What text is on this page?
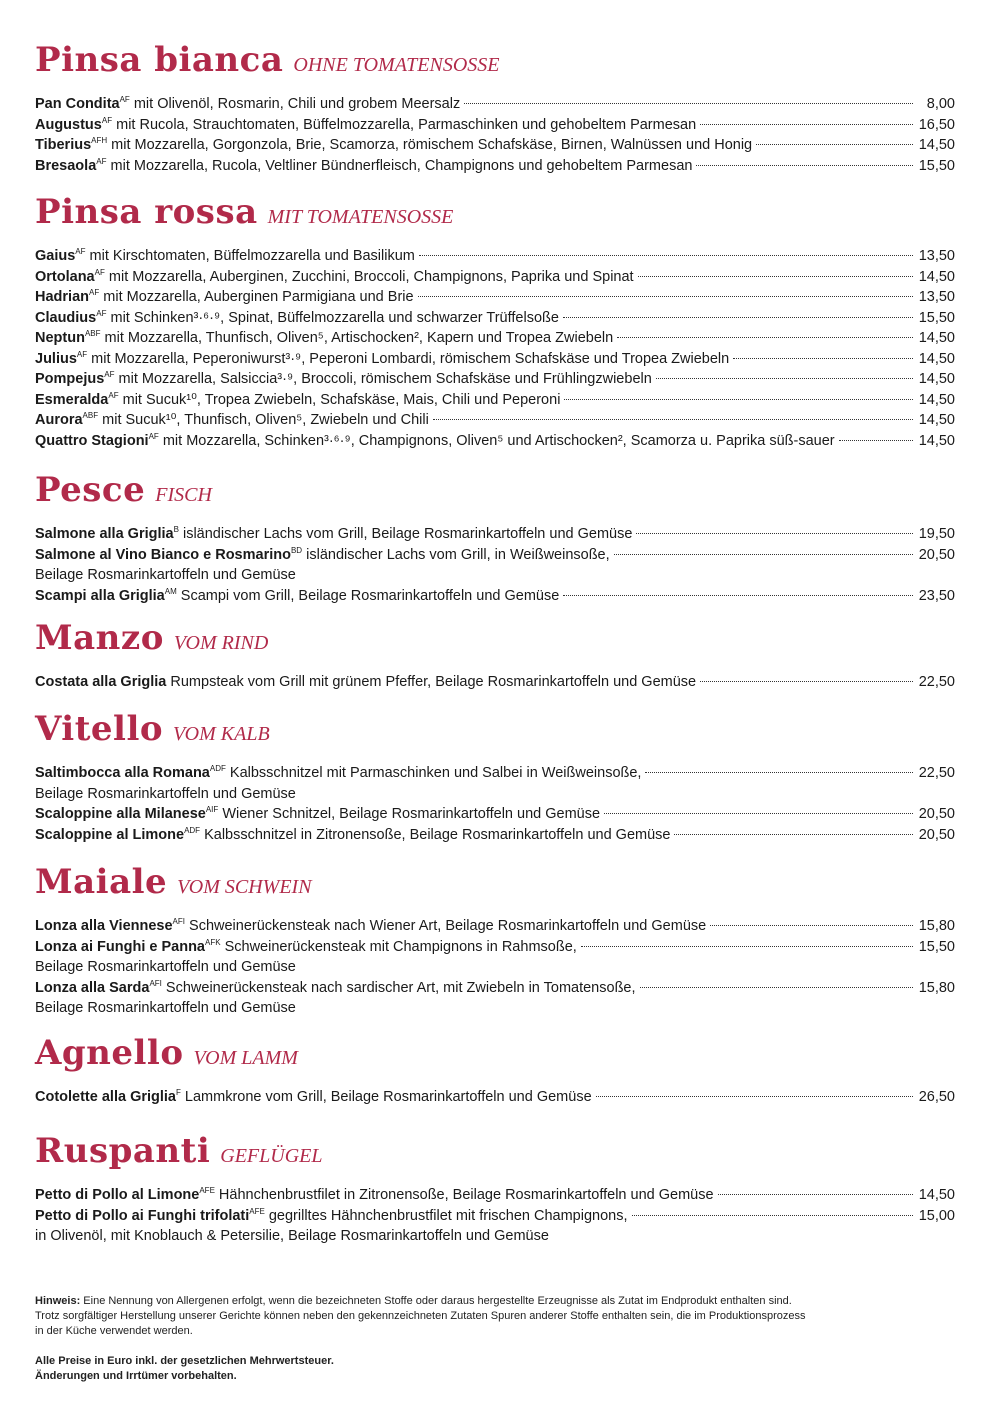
Pinsa bianca OHNE TOMATENSOSSE
Pan Condita$^{AF}$ mit Olivenöl, Rosmarin, Chili und grobem Meersalz	8,00
Augustus$^{AF}$ mit Rucola, Strauchtomaten, Büffelmozzarella, Parmaschinken und gehobeltem Parmesan	16,50
Tiberius$^{AFH}$ mit Mozzarella, Gorgonzola, Brie, Scamorza, römischem Schafskäse, Birnen, Walnüssen und Honig	14,50
Bresaola$^{AF}$ mit Mozzarella, Rucola, Veltliner Bündnerfleisch, Champignons und gehobeltem Parmesan	15,50
Pinsa rossa MIT TOMATENSOSSE
Gaius$^{AF}$ mit Kirschtomaten, Büffelmozzarella und Basilikum	13,50
Ortolana$^{AF}$ mit Mozzarella, Auberginen, Zucchini, Broccoli, Champignons, Paprika und Spinat	14,50
Hadrian$^{AF}$ mit Mozzarella, Auberginen Parmigiana und Brie	13,50
Claudius$^{AF}$ mit Schinken³·⁶·⁹, Spinat, Büffelmozzarella und schwarzer Trüffelsoße	15,50
Neptun$^{ABF}$ mit Mozzarella, Thunfisch, Oliven⁵, Artischocken², Kapern und Tropea Zwiebeln	14,50
Julius$^{AF}$ mit Mozzarella, Peperoniwurst³·⁹, Peperoni Lombardi, römischem Schafskäse und Tropea Zwiebeln	14,50
Pompejus$^{AF}$ mit Mozzarella, Salsiccia³·⁹, Broccoli, römischem Schafskäse und Frühlingzwiebeln	14,50
Esmeralda$^{AF}$ mit Sucuk¹⁰, Tropea Zwiebeln, Schafskäse, Mais, Chili und Peperoni	14,50
Aurora$^{ABF}$ mit Sucuk¹⁰, Thunfisch, Oliven⁵, Zwiebeln und Chili	14,50
Quattro Stagioni$^{AF}$ mit Mozzarella, Schinken³·⁶·⁹, Champignons, Oliven⁵ und Artischocken², Scamorza u. Paprika süß-sauer	14,50
Pesce FISCH
Salmone alla Griglia$^B$ isländischer Lachs vom Grill, Beilage Rosmarinkartoffeln und Gemüse	19,50
Salmone al Vino Bianco e Rosmarino$^{BD}$ isländischer Lachs vom Grill, in Weißweinsoße,	20,50
Beilage Rosmarinkartoffeln und Gemüse
Scampi alla Griglia$^{AM}$ Scampi vom Grill, Beilage Rosmarinkartoffeln und Gemüse	23,50
Manzo VOM RIND
Costata alla Griglia Rumpsteak vom Grill mit grünem Pfeffer, Beilage Rosmarinkartoffeln und Gemüse	22,50
Vitello VOM KALB
Saltimbocca alla Romana$^{ADF}$ Kalbsschnitzel mit Parmaschinken und Salbei in Weißweinsoße,	22,50
Beilage Rosmarinkartoffeln und Gemüse
Scaloppine alla Milanese$^{AIF}$ Wiener Schnitzel, Beilage Rosmarinkartoffeln und Gemüse	20,50
Scaloppine al Limone$^{ADF}$ Kalbsschnitzel in Zitronensoße, Beilage Rosmarinkartoffeln und Gemüse	20,50
Maiale VOM SCHWEIN
Lonza alla Viennese$^{AFI}$ Schweinerückensteak nach Wiener Art, Beilage Rosmarinkartoffeln und Gemüse	15,80
Lonza ai Funghi e Panna$^{AFK}$ Schweinerückensteak mit Champignons in Rahmsoße,	15,50
Beilage Rosmarinkartoffeln und Gemüse
Lonza alla Sarda$^{AFI}$ Schweinerückensteak nach sardischer Art, mit Zwiebeln in Tomatensoße,	15,80
Beilage Rosmarinkartoffeln und Gemüse
Agnello VOM LAMM
Cotolette alla Griglia$^F$ Lammkrone vom Grill, Beilage Rosmarinkartoffeln und Gemüse	26,50
Ruspanti GEFLÜGEL
Petto di Pollo al Limone$^{AFE}$ Hähnchenbrustfilet in Zitronensoße, Beilage Rosmarinkartoffeln und Gemüse	14,50
Petto di Pollo ai Funghi trifolati$^{AFE}$ gegrilltes Hähnchenbrustfilet mit frischen Champignons,	15,00
in Olivenöl, mit Knoblauch & Petersilie, Beilage Rosmarinkartoffeln und Gemüse

Hinweis: Eine Nennung von Allergenen erfolgt, wenn die bezeichneten Stoffe oder daraus hergestellte Erzeugnisse als Zutat im Endprodukt enthalten sind.

Trotz sorgfältiger Herstellung unserer Gerichte können neben den gekennzeichneten Zutaten Spuren anderer Stoffe enthalten sein, die im Produktionsprozess

in der Küche verwendet werden.

Alle Preise in Euro inkl. der gesetzlichen Mehrwertsteuer.

Änderungen und Irrtümer vorbehalten.
